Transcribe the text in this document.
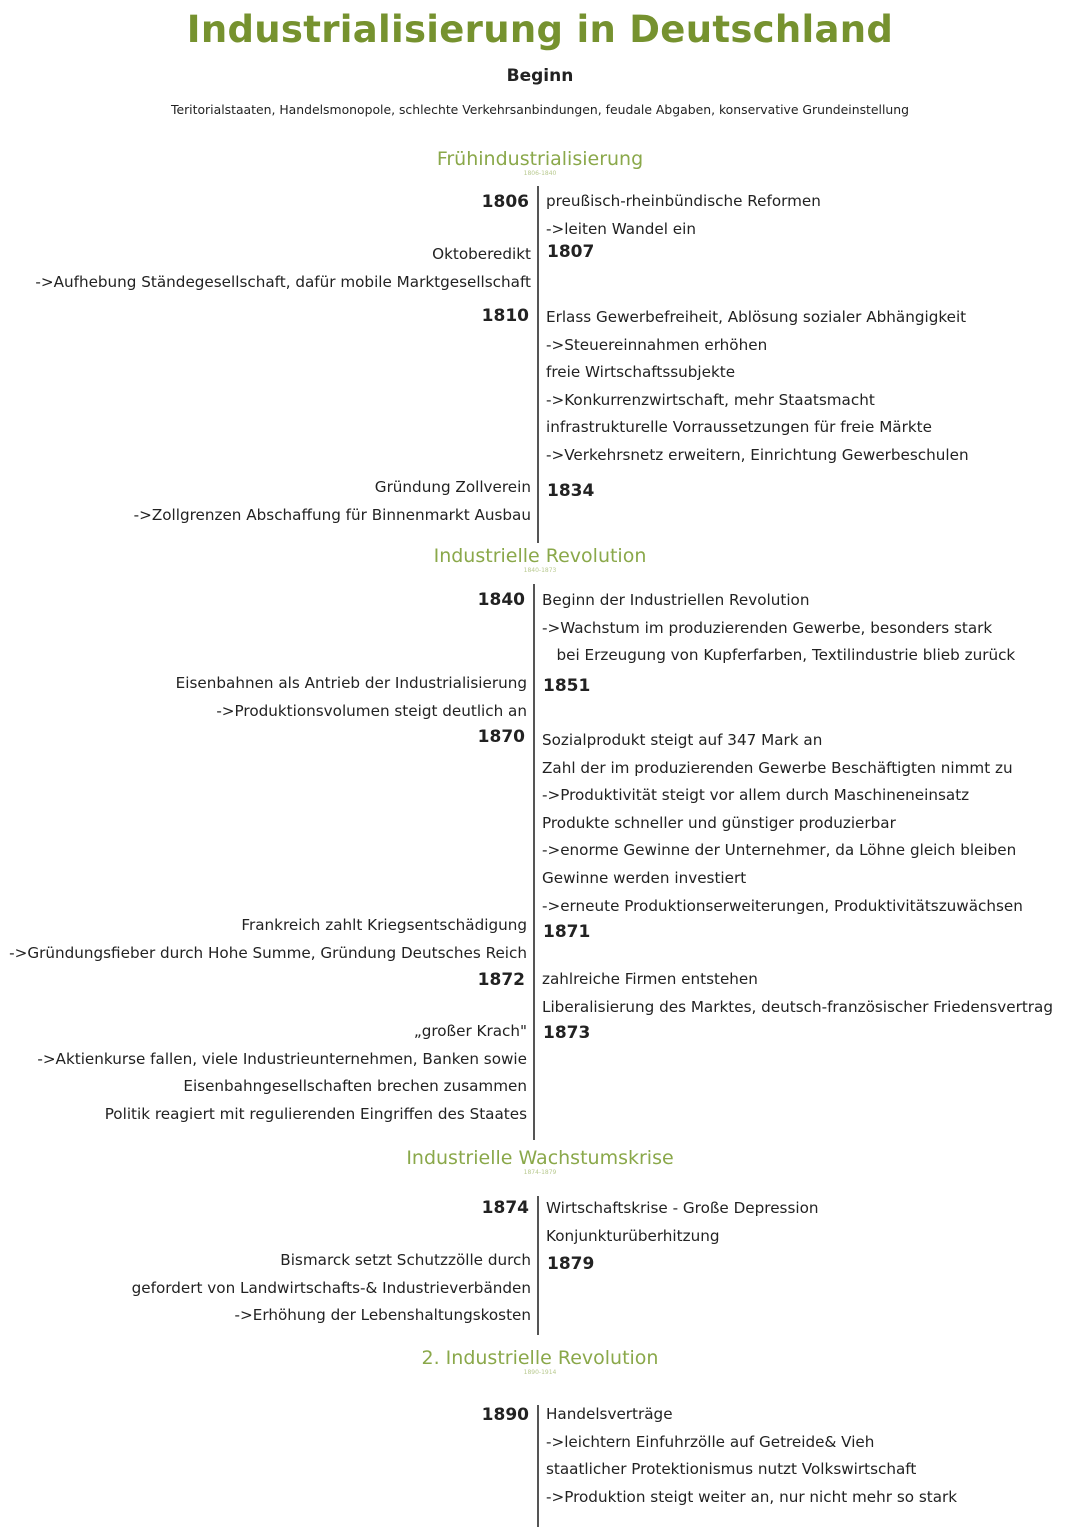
Industrialisierung in Deutschland
Beginn
Teritorialstaaten, Handelsmonopole, schlechte Verkehrsanbindungen, feudale Abgaben, konservative Grundeinstellung
Frühindustrialisierung
1806-1840
1806 preußisch-rheinbündische Reformen
->leiten Wandel ein
1807
Oktoberedikt
->Aufhebung Ständegesellschaft, dafür mobile Marktgesellschaft
1810 Erlass Gewerbefreiheit, Ablösung sozialer Abhängigkeit
->Steuereinnahmen erhöhen
freie Wirtschaftssubjekte
->Konkurrenzwirtschaft, mehr Staatsmacht
infrastrukturelle Vorraussetzungen für freie Märkte
->Verkehrsnetz erweitern, Einrichtung Gewerbeschulen
1834
Gründung Zollverein
->Zollgrenzen Abschaffung für Binnenmarkt Ausbau
Industrielle Revolution
1840-1873
1840 Beginn der Industriellen Revolution
->Wachstum im produzierenden Gewerbe, besonders stark
bei Erzeugung von Kupferfarben, Textilindustrie blieb zurück
1851
Eisenbahnen als Antrieb der Industrialisierung
->Produktionsvolumen steigt deutlich an
1870 Sozialprodukt steigt auf 347 Mark an
Zahl der im produzierenden Gewerbe Beschäftigten nimmt zu
->Produktivität steigt vor allem durch Maschineneinsatz
Produkte schneller und günstiger produzierbar
->enorme Gewinne der Unternehmer, da Löhne gleich bleiben
Gewinne werden investiert
->erneute Produktionserweiterungen, Produktivitätszuwächsen
1871
Frankreich zahlt Kriegsentschädigung
->Gründungsfieber durch Hohe Summe, Gründung Deutsches Reich
1872 zahlreiche Firmen entstehen
Liberalisierung des Marktes, deutsch-französischer Friedensvertrag
1873
„großer Krach"
->Aktienkurse fallen, viele Industrieunternehmen, Banken sowie
Eisenbahngesellschaften brechen zusammen
Politik reagiert mit regulierenden Eingriffen des Staates
Industrielle Wachstumskrise
1874-1879
1874 Wirtschaftskrise - Große Depression
Konjunkturüberhitzung
1879
Bismarck setzt Schutzzölle durch
gefordert von Landwirtschafts-& Industrieverbänden
->Erhöhung der Lebenshaltungskosten
2. Industrielle Revolution
1890-1914
1890 Handelsverträge
->leichtern Einfuhrzölle auf Getreide& Vieh
staatlicher Protektionismus nutzt Volkswirtschaft
->Produktion steigt weiter an, nur nicht mehr so stark
